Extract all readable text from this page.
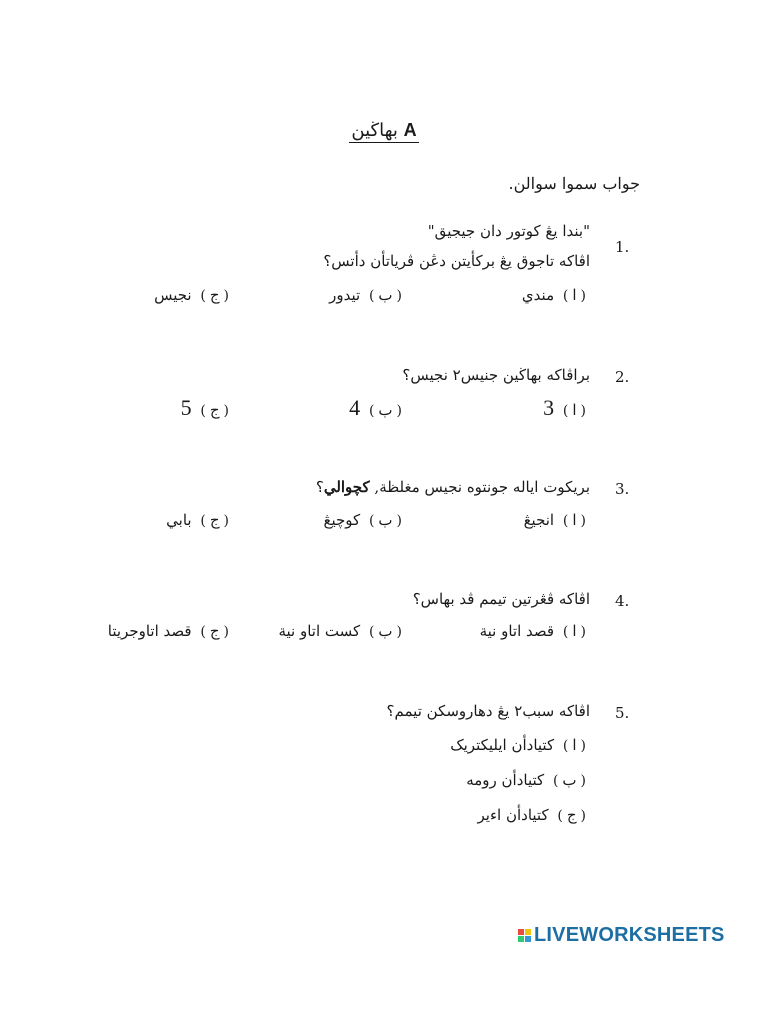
بهاڬين A
جواب سمو‌ا سوالن.
1.
"بندا يڠ کوتور دان جيجيق"
اڤاکه تاجوق يڠ برکا‌ٔيتن دڠن ڤرياتا‌ٔن د‌ا‌ٔتس؟
(ا) مندي
(ب) تيدور
(ج) نجيس
2.
براڤاکه بهاڬين جنيس۲ نجيس؟
(ا) 3
(ب) 4
(ج) 5
3.
بريکوت ايا‌له جونتوه نجيس مغلظة, کچوالي؟
(ا) انجيڠ
(ب) کوچيڠ
(ج) بابي
4.
اڤاکه ڤڠرتين تيمم ڤد بهاس؟
(ا) قصد اتاو نية
(ب) کست اتاو نية
(ج) قصد اتاوجريتا
5.
اڤاکه سبب۲ يڠ دهاروسکن تيمم؟
(ا) کتيادا‌ٔن ايليکتريک
(ب) کتيادا‌ٔن رومه
(ج) کتيادا‌ٔن اءير
LIVEWORKSHEETS
